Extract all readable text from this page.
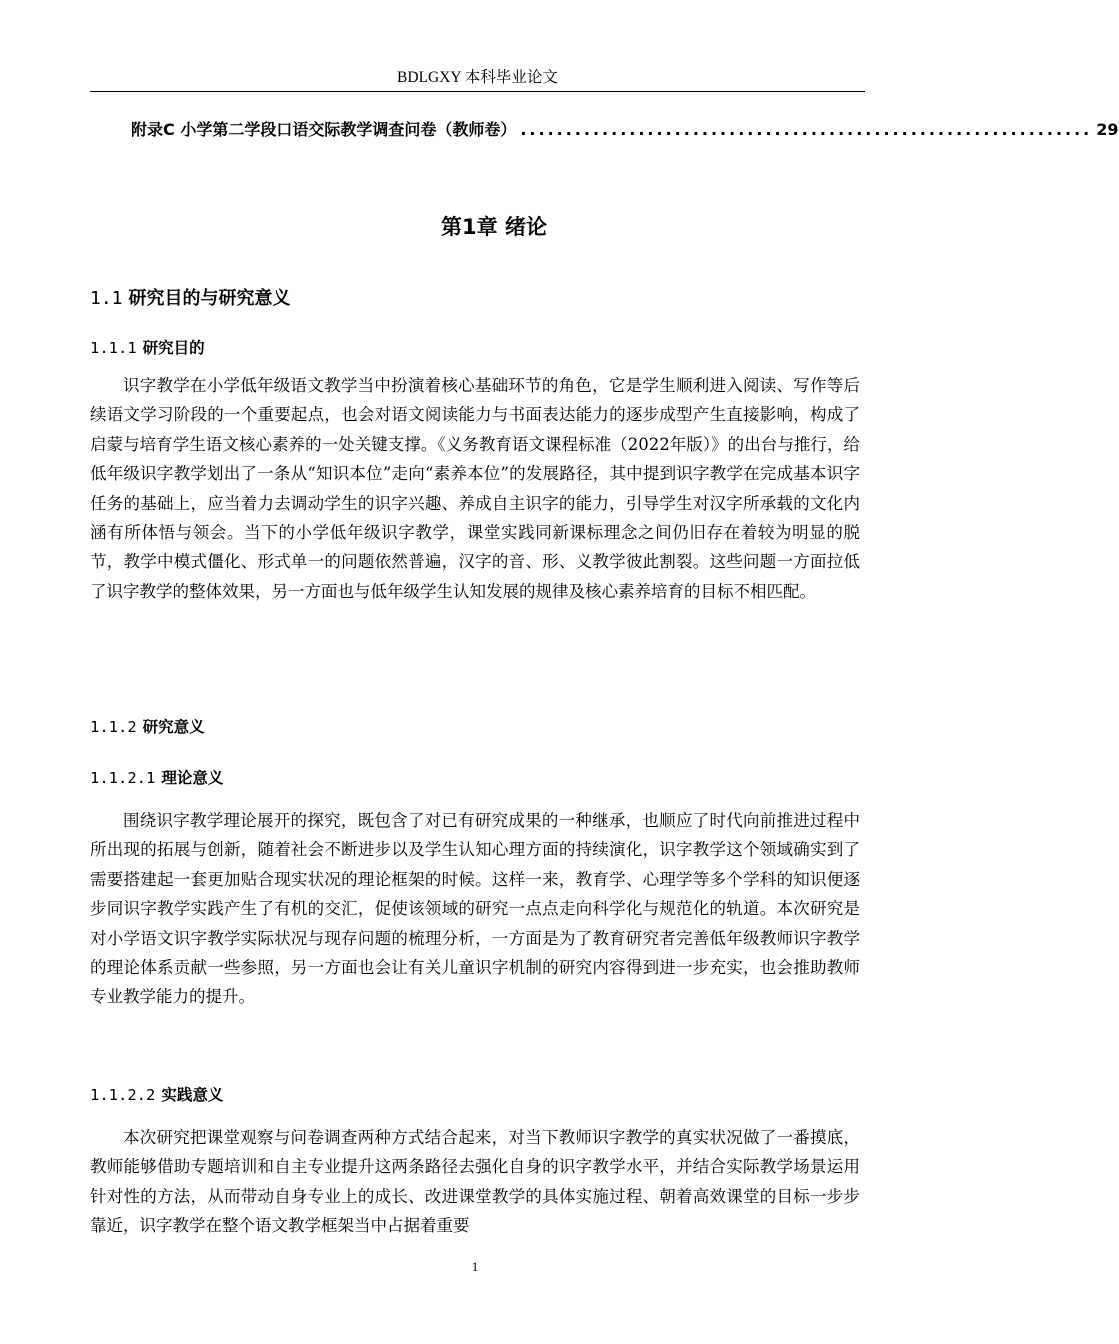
BDLGXY 本科毕业论文
附录C 小学第二学段口语交际教学调查问卷（教师卷） ............................................................... 29
第1章 绪论
1.1 研究目的与研究意义
1.1.1 研究目的

识字教学在小学低年级语文教学当中扮演着核心基础环节的角色，它是学生顺利进入阅读、写作等后续语文学习阶段的一个重要起点，也会对语文阅读能力与书面表达能力的逐步成型产生直接影响，构成了启蒙与培育学生语文核心素养的一处关键支撑。《义务教育语文课程标准（2022年版）》的出台与推行，给低年级识字教学划出了一条从“知识本位”走向“素养本位”的发展路径，其中提到识字教学在完成基本识字任务的基础上，应当着力去调动学生的识字兴趣、养成自主识字的能力，引导学生对汉字所承载的文化内涵有所体悟与领会。当下的小学低年级识字教学，课堂实践同新课标理念之间仍旧存在着较为明显的脱节，教学中模式僵化、形式单一的问题依然普遍，汉字的音、形、义教学彼此割裂。这些问题一方面拉低了识字教学的整体效果，另一方面也与低年级学生认知发展的规律及核心素养培育的目标不相匹配。

1.1.2 研究意义
1.1.2.1 理论意义

围绕识字教学理论展开的探究，既包含了对已有研究成果的一种继承，也顺应了时代向前推进过程中所出现的拓展与创新，随着社会不断进步以及学生认知心理方面的持续演化，识字教学这个领域确实到了需要搭建起一套更加贴合现实状况的理论框架的时候。这样一来，教育学、心理学等多个学科的知识便逐步同识字教学实践产生了有机的交汇，促使该领域的研究一点点走向科学化与规范化的轨道。本次研究是对小学语文识字教学实际状况与现存问题的梳理分析，一方面是为了教育研究者完善低年级教师识字教学的理论体系贡献一些参照，另一方面也会让有关儿童识字机制的研究内容得到进一步充实，也会推助教师专业教学能力的提升。

1.1.2.2 实践意义

本次研究把课堂观察与问卷调查两种方式结合起来，对当下教师识字教学的真实状况做了一番摸底，教师能够借助专题培训和自主专业提升这两条路径去强化自身的识字教学水平，并结合实际教学场景运用针对性的方法，从而带动自身专业上的成长、改进课堂教学的具体实施过程、朝着高效课堂的目标一步步靠近，识字教学在整个语文教学框架当中占据着重要

1
